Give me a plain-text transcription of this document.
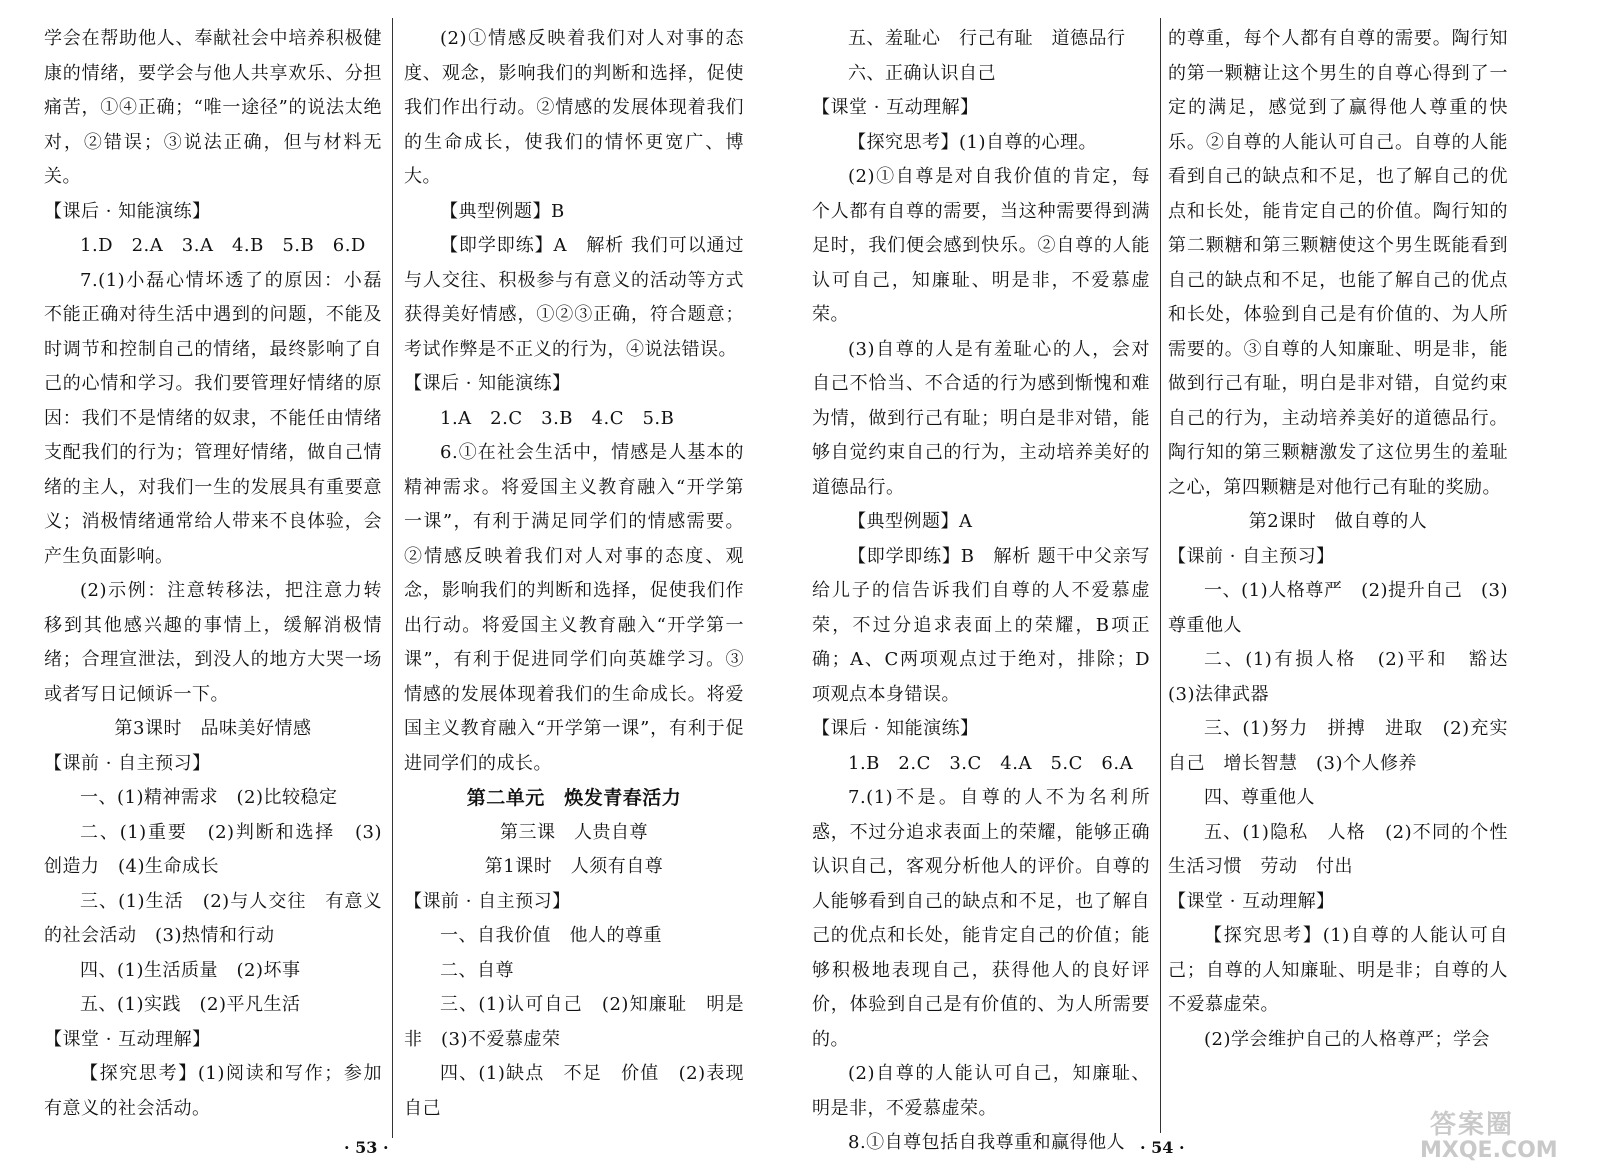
学会在帮助他人、奉献社会中培养积极健康的情绪，要学会与他人共享欢乐、分担痛苦，①④正确；“唯一途径”的说法太绝对，②错误；③说法正确，但与材料无关。

【课后 · 知能演练】

1.D　2.A　3.A　4.B　5.B　6.D

7.(1)小磊心情坏透了的原因：小磊不能正确对待生活中遇到的问题，不能及时调节和控制自己的情绪，最终影响了自己的心情和学习。我们要管理好情绪的原因：我们不是情绪的奴隶，不能任由情绪支配我们的行为；管理好情绪，做自己情绪的主人，对我们一生的发展具有重要意义；消极情绪通常给人带来不良体验，会产生负面影响。

(2)示例：注意转移法，把注意力转移到其他感兴趣的事情上，缓解消极情绪；合理宣泄法，到没人的地方大哭一场或者写日记倾诉一下。

第3课时　品味美好情感

【课前 · 自主预习】

一、(1)精神需求　(2)比较稳定

二、(1)重要　(2)判断和选择　(3)创造力　(4)生命成长

三、(1)生活　(2)与人交往　有意义的社会活动　(3)热情和行动

四、(1)生活质量　(2)坏事

五、(1)实践　(2)平凡生活

【课堂 · 互动理解】

【探究思考】(1)阅读和写作；参加有意义的社会活动。

(2)①情感反映着我们对人对事的态度、观念，影响我们的判断和选择，促使我们作出行动。②情感的发展体现着我们的生命成长，使我们的情怀更宽广、博大。

【典型例题】B

【即学即练】A　解析 我们可以通过与人交往、积极参与有意义的活动等方式获得美好情感，①②③正确，符合题意；考试作弊是不正义的行为，④说法错误。

【课后 · 知能演练】

1.A　2.C　3.B　4.C　5.B

6.①在社会生活中，情感是人基本的精神需求。将爱国主义教育融入“开学第一课”，有利于满足同学们的情感需要。②情感反映着我们对人对事的态度、观念，影响我们的判断和选择，促使我们作出行动。将爱国主义教育融入“开学第一课”，有利于促进同学们向英雄学习。③情感的发展体现着我们的生命成长。将爱国主义教育融入“开学第一课”，有利于促进同学们的成长。

第二单元　焕发青春活力

第三课　人贵自尊

第1课时　人须有自尊

【课前 · 自主预习】

一、自我价值　他人的尊重

二、自尊

三、(1)认可自己　(2)知廉耻　明是非　(3)不爱慕虚荣

四、(1)缺点　不足　价值　(2)表现自己

五、羞耻心　行己有耻　道德品行

六、正确认识自己

【课堂 · 互动理解】

【探究思考】(1)自尊的心理。

(2)①自尊是对自我价值的肯定，每个人都有自尊的需要，当这种需要得到满足时，我们便会感到快乐。②自尊的人能认可自己，知廉耻、明是非，不爱慕虚荣。

(3)自尊的人是有羞耻心的人，会对自己不恰当、不合适的行为感到惭愧和难为情，做到行己有耻；明白是非对错，能够自觉约束自己的行为，主动培养美好的道德品行。

【典型例题】A

【即学即练】B　解析 题干中父亲写给儿子的信告诉我们自尊的人不爱慕虚荣，不过分追求表面上的荣耀，B项正确；A、C两项观点过于绝对，排除；D项观点本身错误。

【课后 · 知能演练】

1.B　2.C　3.C　4.A　5.C　6.A

7.(1)不是。自尊的人不为名利所惑，不过分追求表面上的荣耀，能够正确认识自己，客观分析他人的评价。自尊的人能够看到自己的缺点和不足，也了解自己的优点和长处，能肯定自己的价值；能够积极地表现自己，获得他人的良好评价，体验到自己是有价值的、为人所需要的。

(2)自尊的人能认可自己，知廉耻、明是非，不爱慕虚荣。

8.①自尊包括自我尊重和赢得他人

的尊重，每个人都有自尊的需要。陶行知的第一颗糖让这个男生的自尊心得到了一定的满足，感觉到了赢得他人尊重的快乐。②自尊的人能认可自己。自尊的人能看到自己的缺点和不足，也了解自己的优点和长处，能肯定自己的价值。陶行知的第二颗糖和第三颗糖使这个男生既能看到自己的缺点和不足，也能了解自己的优点和长处，体验到自己是有价值的、为人所需要的。③自尊的人知廉耻、明是非，能做到行己有耻，明白是非对错，自觉约束自己的行为，主动培养美好的道德品行。陶行知的第三颗糖激发了这位男生的羞耻之心，第四颗糖是对他行己有耻的奖励。

第2课时　做自尊的人

【课前 · 自主预习】

一、(1)人格尊严　(2)提升自己　(3)尊重他人

二、(1)有损人格　(2)平和　豁达　(3)法律武器

三、(1)努力　拼搏　进取　(2)充实自己　增长智慧　(3)个人修养

四、尊重他人

五、(1)隐私　人格　(2)不同的个性　生活习惯　劳动　付出

【课堂 · 互动理解】

【探究思考】(1)自尊的人能认可自己；自尊的人知廉耻、明是非；自尊的人不爱慕虚荣。

(2)学会维护自己的人格尊严；学会

· 53 ·	· 54 ·
答案圈
MXQE.COM
